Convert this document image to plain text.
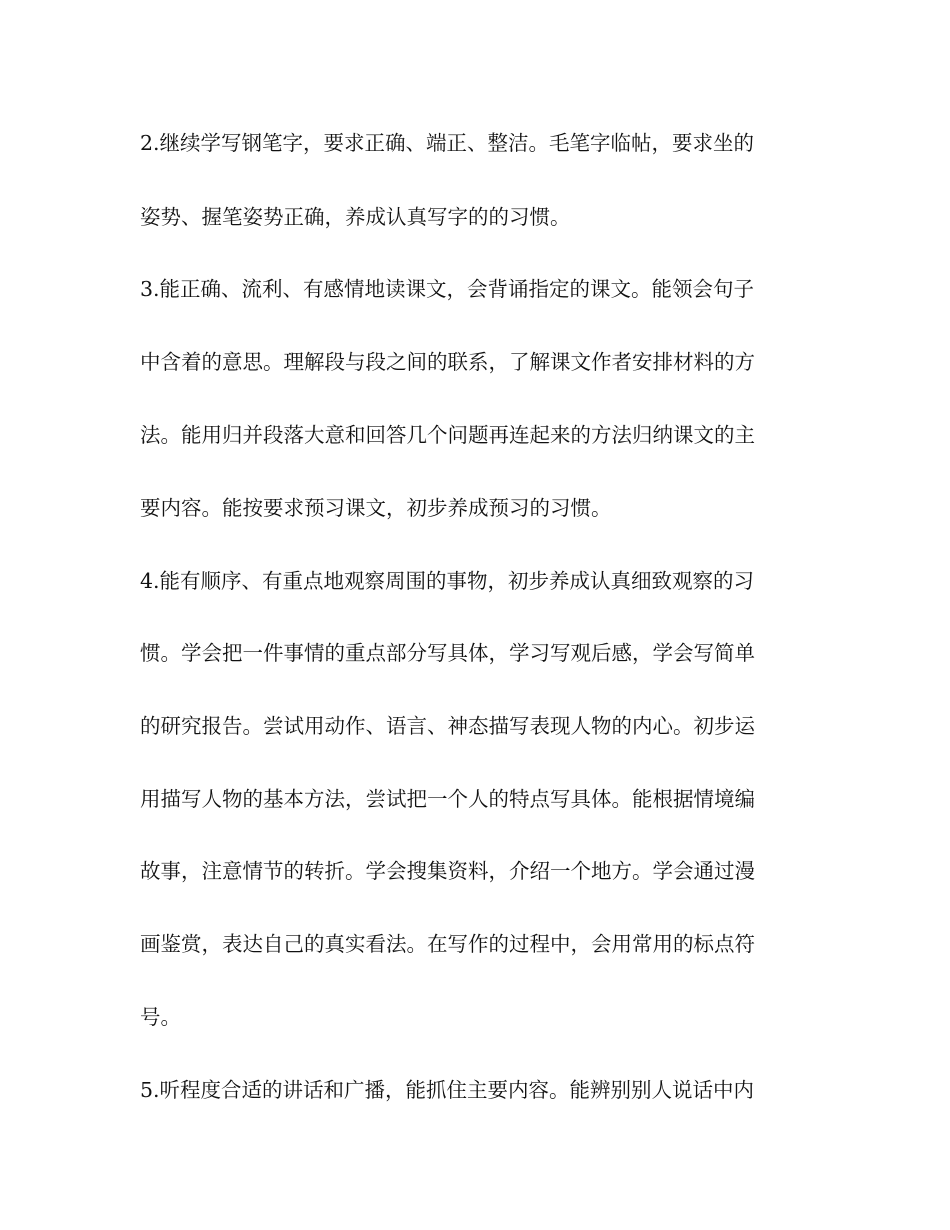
2.继续学写钢笔字，要求正确、端正、整洁。毛笔字临帖，要求坐的
姿势、握笔姿势正确，养成认真写字的的习惯。
3.能正确、流利、有感情地读课文，会背诵指定的课文。能领会句子
中含着的意思。理解段与段之间的联系，了解课文作者安排材料的方
法。能用归并段落大意和回答几个问题再连起来的方法归纳课文的主
要内容。能按要求预习课文，初步养成预习的习惯。
4.能有顺序、有重点地观察周围的事物，初步养成认真细致观察的习
惯。学会把一件事情的重点部分写具体，学习写观后感，学会写简单
的研究报告。尝试用动作、语言、神态描写表现人物的内心。初步运
用描写人物的基本方法，尝试把一个人的特点写具体。能根据情境编
故事，注意情节的转折。学会搜集资料，介绍一个地方。学会通过漫
画鉴赏，表达自己的真实看法。在写作的过程中，会用常用的标点符
号。
5.听程度合适的讲话和广播，能抓住主要内容。能辨别别人说话中内
